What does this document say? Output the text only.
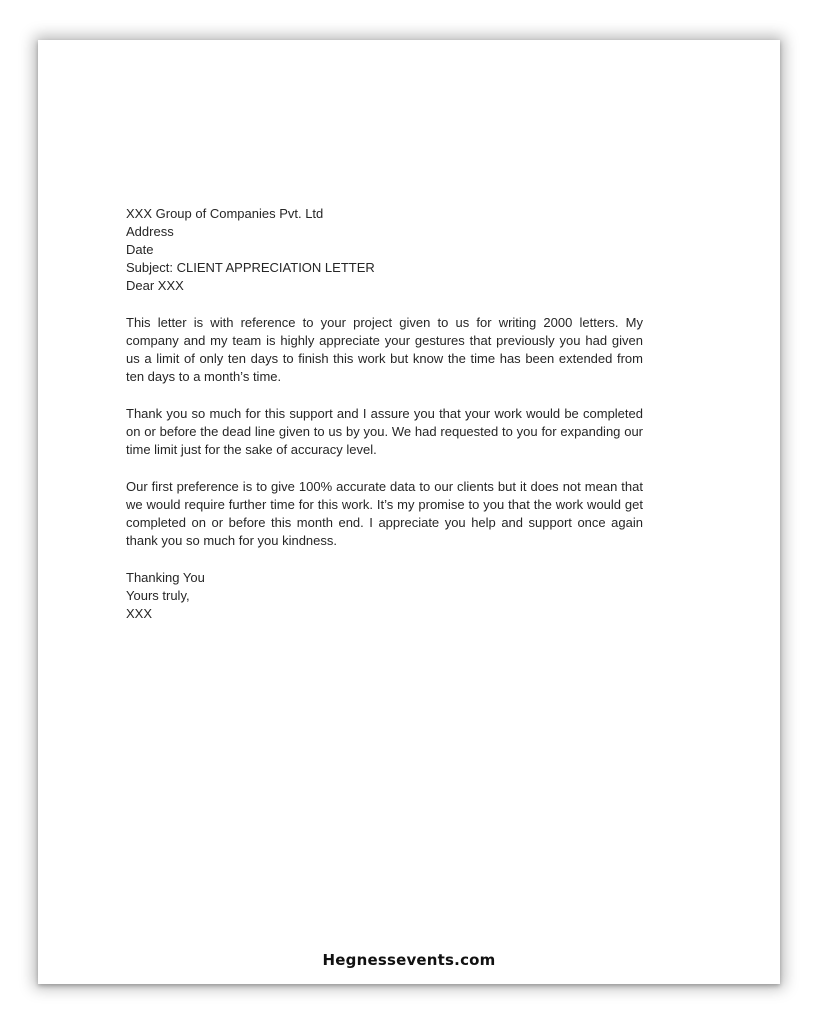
XXX Group of Companies Pvt. Ltd
Address
Date
Subject: CLIENT APPRECIATION LETTER
Dear XXX
This letter is with reference to your project given to us for writing 2000 letters. My company and my team is highly appreciate your gestures that previously you had given us a limit of only ten days to finish this work but know the time has been extended from ten days to a month’s time.
Thank you so much for this support and I assure you that your work would be completed on or before the dead line given to us by you. We had requested to you for expanding our time limit just for the sake of accuracy level.
Our first preference is to give 100% accurate data to our clients but it does not mean that we would require further time for this work. It’s my promise to you that the work would get completed on or before this month end. I appreciate you help and support once again thank you so much for you kindness.
Thanking You
Yours truly,
XXX
Hegnessevents.com
